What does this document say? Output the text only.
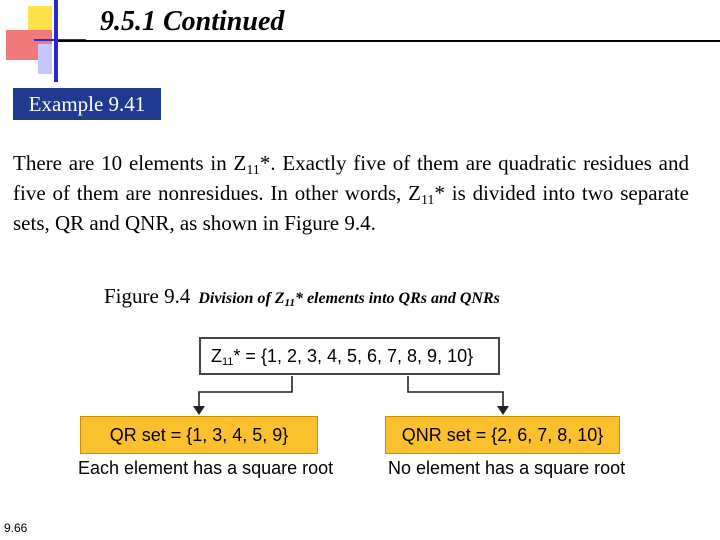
9.5.1 Continued
Example 9.41
There are 10 elements in $Z_{11}*$. Exactly five of them are quadratic residues and five of them are nonresidues. In other words, $Z_{11}*$ is divided into two separate sets, QR and QNR, as shown in Figure 9.4.
Figure 9.4 Division of $Z_{11}*$ elements into QRs and QNRs
$Z_{11}* = \{1$, 2, 3, 4, 5, 6, 7, 8, 9, 10}
QR set = {1, 3, 4, 5, 9}	QNR set = {2, 6, 7, 8, 10}
Each element has a square root	No element has a square root
9.66
